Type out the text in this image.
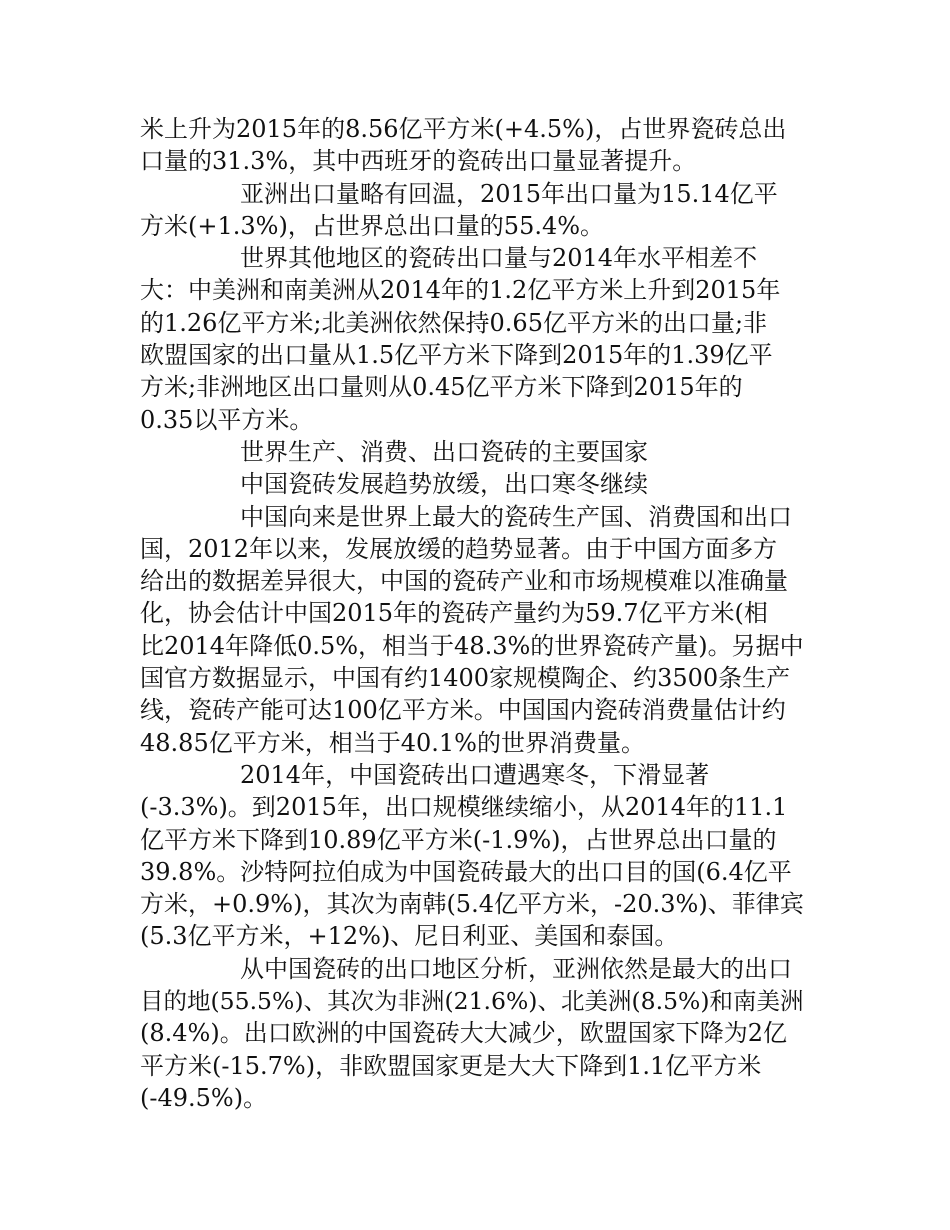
米上升为2015年的8.56亿平方米(+4.5%)，占世界瓷砖总出
口量的31.3%，其中西班牙的瓷砖出口量显著提升。
亚洲出口量略有回温，2015年出口量为15.14亿平
方米(+1.3%)，占世界总出口量的55.4%。
世界其他地区的瓷砖出口量与2014年水平相差不
大：中美洲和南美洲从2014年的1.2亿平方米上升到2015年
的1.26亿平方米;北美洲依然保持0.65亿平方米的出口量;非
欧盟国家的出口量从1.5亿平方米下降到2015年的1.39亿平
方米;非洲地区出口量则从0.45亿平方米下降到2015年的
0.35以平方米。
世界生产、消费、出口瓷砖的主要国家
中国瓷砖发展趋势放缓，出口寒冬继续
中国向来是世界上最大的瓷砖生产国、消费国和出口
国，2012年以来，发展放缓的趋势显著。由于中国方面多方
给出的数据差异很大，中国的瓷砖产业和市场规模难以准确量
化，协会估计中国2015年的瓷砖产量约为59.7亿平方米(相
比2014年降低0.5%，相当于48.3%的世界瓷砖产量)。另据中
国官方数据显示，中国有约1400家规模陶企、约3500条生产
线，瓷砖产能可达100亿平方米。中国国内瓷砖消费量估计约
48.85亿平方米，相当于40.1%的世界消费量。
2014年，中国瓷砖出口遭遇寒冬，下滑显著
(-3.3%)。到2015年，出口规模继续缩小，从2014年的11.1
亿平方米下降到10.89亿平方米(-1.9%)，占世界总出口量的
39.8%。沙特阿拉伯成为中国瓷砖最大的出口目的国(6.4亿平
方米，+0.9%)，其次为南韩(5.4亿平方米，-20.3%)、菲律宾
(5.3亿平方米，+12%)、尼日利亚、美国和泰国。
从中国瓷砖的出口地区分析，亚洲依然是最大的出口
目的地(55.5%)、其次为非洲(21.6%)、北美洲(8.5%)和南美洲
(8.4%)。出口欧洲的中国瓷砖大大减少，欧盟国家下降为2亿
平方米(-15.7%)，非欧盟国家更是大大下降到1.1亿平方米
(-49.5%)。
